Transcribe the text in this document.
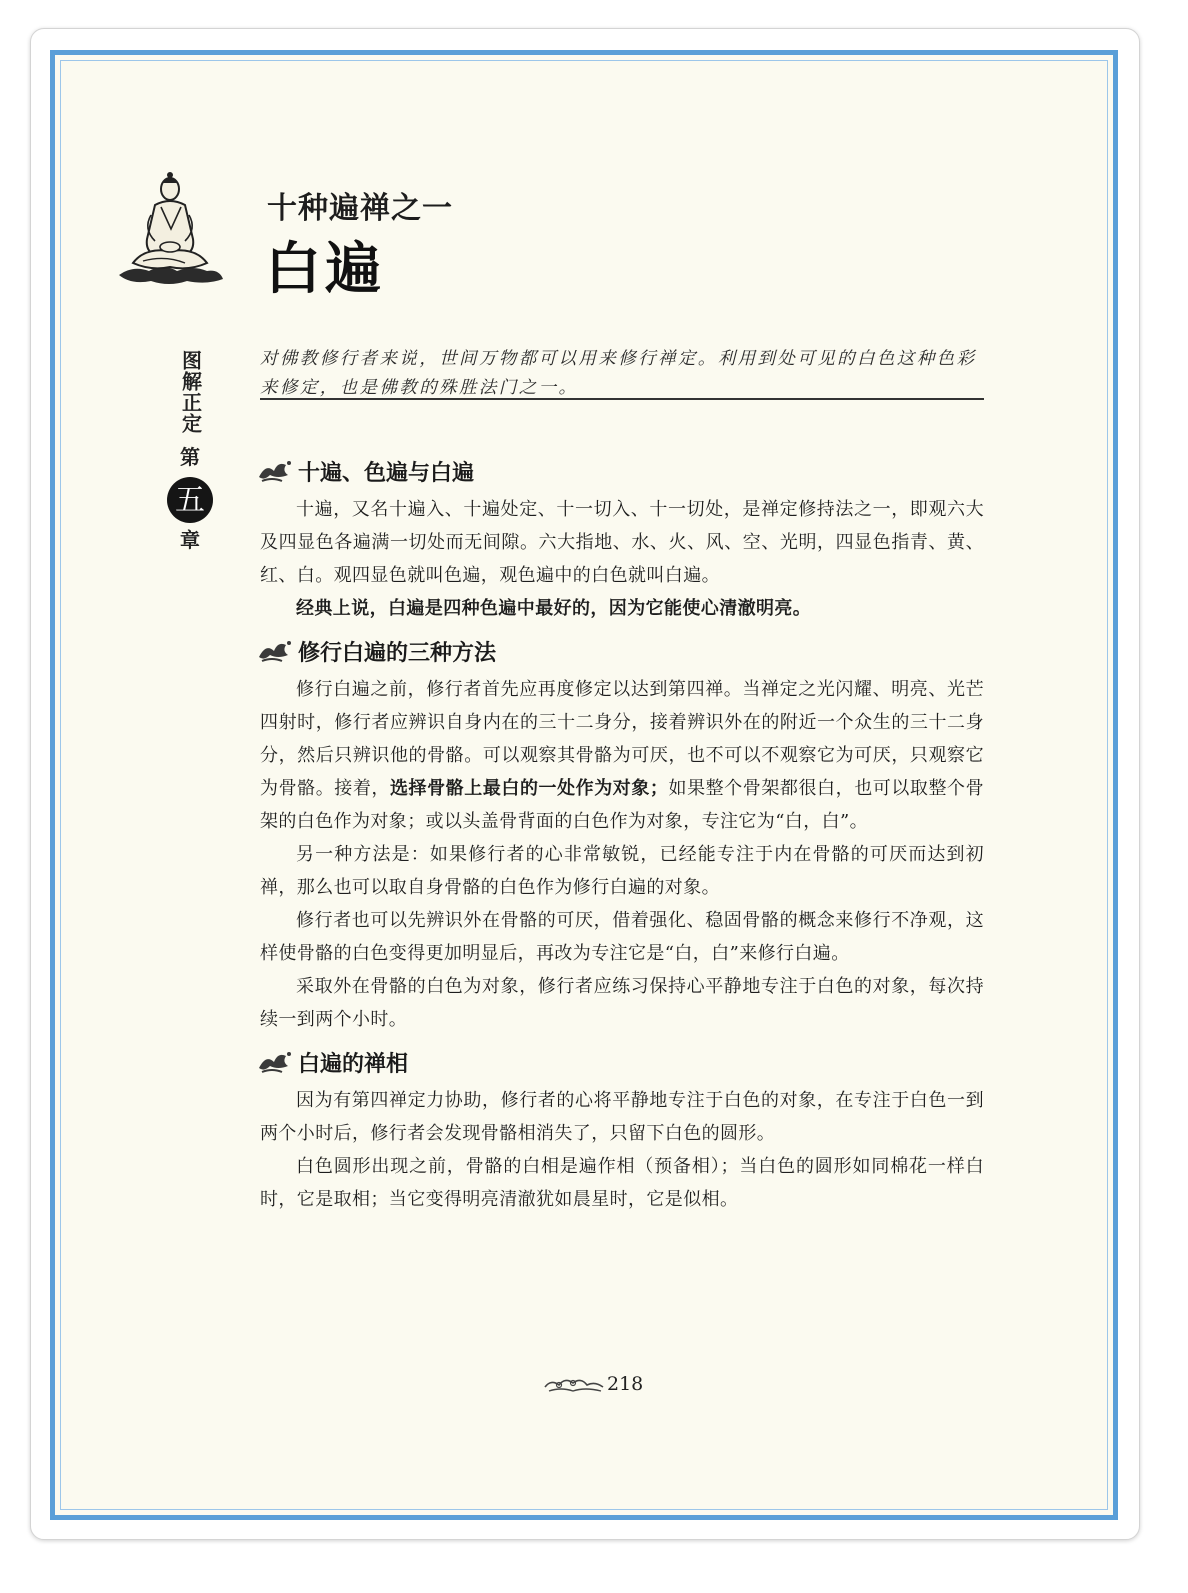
图解正定
第
五
章
十种遍禅之一
白遍

对佛教修行者来说，世间万物都可以用来修行禅定。利用到处可见的白色这种色彩来修定，也是佛教的殊胜法门之一。

十遍、色遍与白遍

十遍，又名十遍入、十遍处定、十一切入、十一切处，是禅定修持法之一，即观六大及四显色各遍满一切处而无间隙。六大指地、水、火、风、空、光明，四显色指青、黄、红、白。观四显色就叫色遍，观色遍中的白色就叫白遍。

经典上说，白遍是四种色遍中最好的，因为它能使心清澈明亮。

修行白遍的三种方法

修行白遍之前，修行者首先应再度修定以达到第四禅。当禅定之光闪耀、明亮、光芒四射时，修行者应辨识自身内在的三十二身分，接着辨识外在的附近一个众生的三十二身分，然后只辨识他的骨骼。可以观察其骨骼为可厌，也不可以不观察它为可厌，只观察它为骨骼。接着，选择骨骼上最白的一处作为对象；如果整个骨架都很白，也可以取整个骨架的白色作为对象；或以头盖骨背面的白色作为对象，专注它为“白，白”。

另一种方法是：如果修行者的心非常敏锐，已经能专注于内在骨骼的可厌而达到初禅，那么也可以取自身骨骼的白色作为修行白遍的对象。

修行者也可以先辨识外在骨骼的可厌，借着强化、稳固骨骼的概念来修行不净观，这样使骨骼的白色变得更加明显后，再改为专注它是“白，白”来修行白遍。

采取外在骨骼的白色为对象，修行者应练习保持心平静地专注于白色的对象，每次持续一到两个小时。

白遍的禅相

因为有第四禅定力协助，修行者的心将平静地专注于白色的对象，在专注于白色一到两个小时后，修行者会发现骨骼相消失了，只留下白色的圆形。

白色圆形出现之前，骨骼的白相是遍作相（预备相）；当白色的圆形如同棉花一样白时，它是取相；当它变得明亮清澈犹如晨星时，它是似相。

218
